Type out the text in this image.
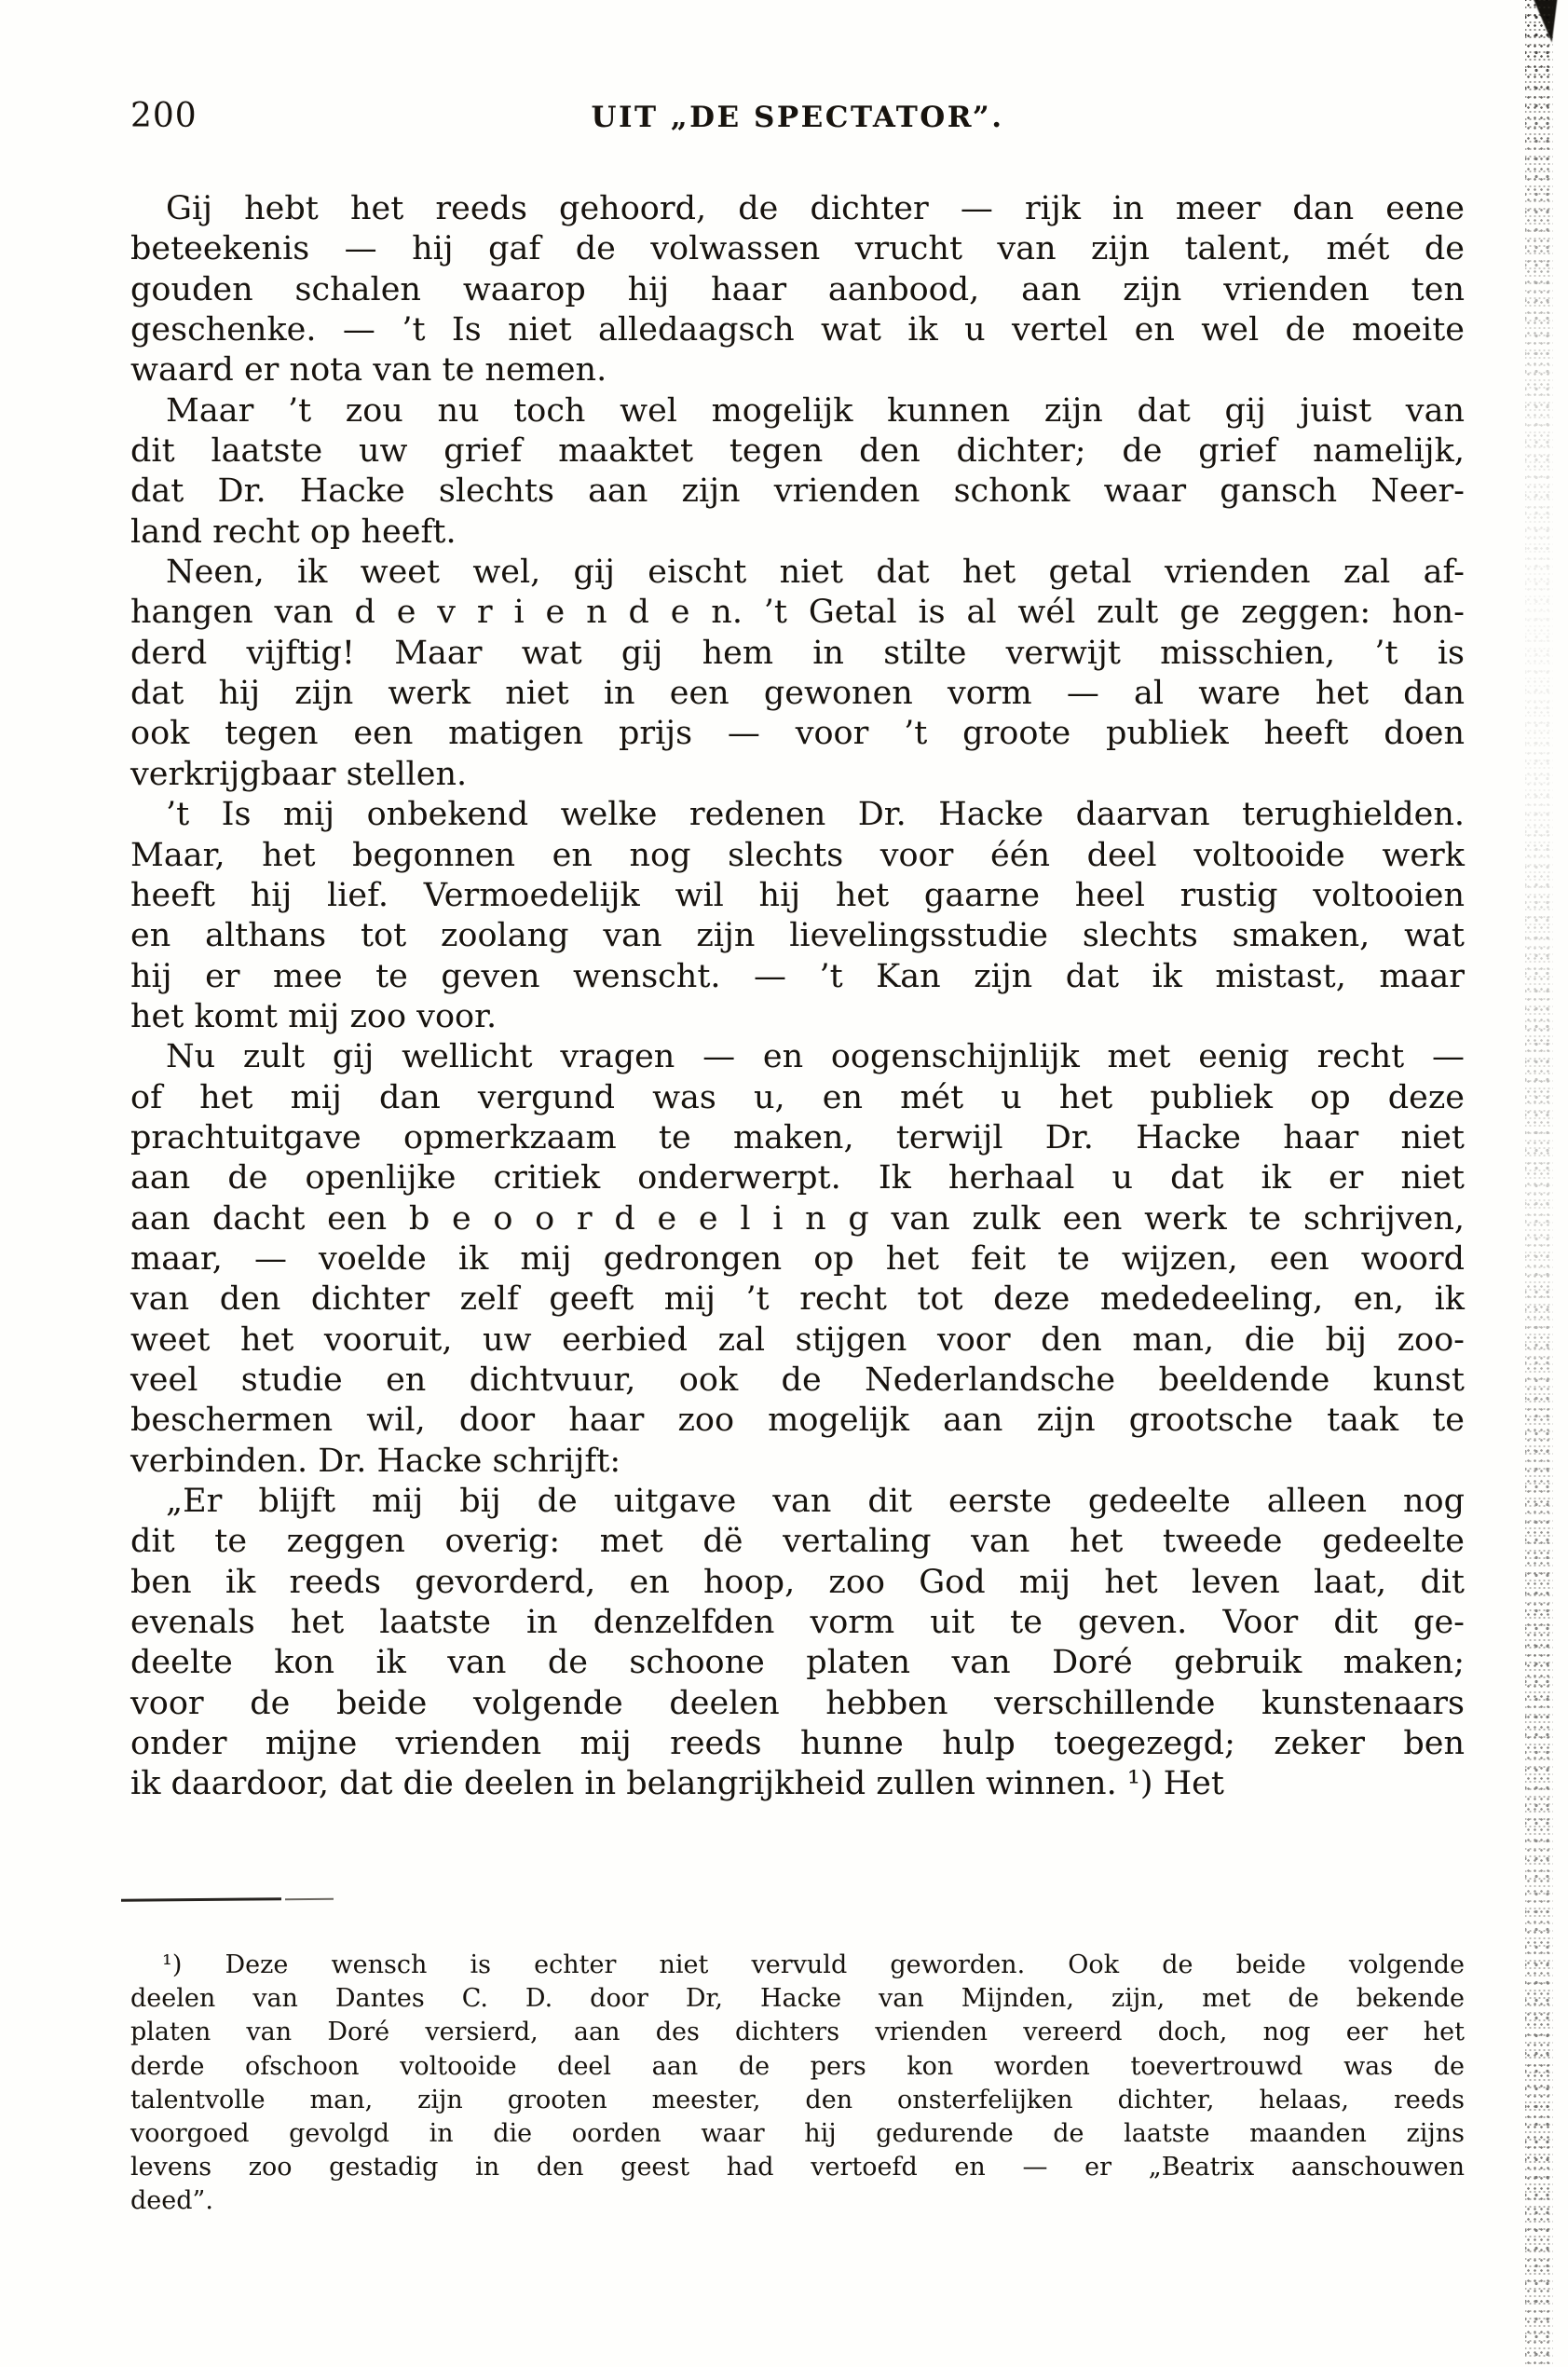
200	UIT „DE SPECTATOR”.
Gij hebt het reeds gehoord, de dichter — rijk in meer dan eene
beteekenis — hij gaf de volwassen vrucht van zijn talent, mét de
gouden schalen waarop hij haar aanbood, aan zijn vrienden ten
geschenke. — ’t Is niet alledaagsch wat ik u vertel en wel de moeite
waard er nota van te nemen.
Maar ’t zou nu toch wel mogelijk kunnen zijn dat gij juist van
dit laatste uw grief maaktet tegen den dichter; de grief namelijk,
dat Dr. Hacke slechts aan zijn vrienden schonk waar gansch Neer-
land recht op heeft.
Neen, ik weet wel, gij eischt niet dat het getal vrienden zal af-
hangen van d e v r i e n d e n. ’t Getal is al wél zult ge zeggen: hon-
derd vijftig! Maar wat gij hem in stilte verwijt misschien, ’t is
dat hij zijn werk niet in een gewonen vorm — al ware het dan
ook tegen een matigen prijs — voor ’t groote publiek heeft doen
verkrijgbaar stellen.
’t Is mij onbekend welke redenen Dr. Hacke daarvan terughielden.
Maar, het begonnen en nog slechts voor één deel voltooide werk
heeft hij lief. Vermoedelijk wil hij het gaarne heel rustig voltooien
en althans tot zoolang van zijn lievelingsstudie slechts smaken, wat
hij er mee te geven wenscht. — ’t Kan zijn dat ik mistast, maar
het komt mij zoo voor.
Nu zult gij wellicht vragen — en oogenschijnlijk met eenig recht —
of het mij dan vergund was u, en mét u het publiek op deze
prachtuitgave opmerkzaam te maken, terwijl Dr. Hacke haar niet
aan de openlijke critiek onderwerpt. Ik herhaal u dat ik er niet
aan dacht een b e o o r d e e l i n g van zulk een werk te schrijven,
maar, — voelde ik mij gedrongen op het feit te wijzen, een woord
van den dichter zelf geeft mij ’t recht tot deze mededeeling, en, ik
weet het vooruit, uw eerbied zal stijgen voor den man, die bij zoo-
veel studie en dichtvuur, ook de Nederlandsche beeldende kunst
beschermen wil, door haar zoo mogelijk aan zijn grootsche taak te
verbinden. Dr. Hacke schrijft:
„Er blijft mij bij de uitgave van dit eerste gedeelte alleen nog
dit te zeggen overig: met dë vertaling van het tweede gedeelte
ben ik reeds gevorderd, en hoop, zoo God mij het leven laat, dit
evenals het laatste in denzelfden vorm uit te geven. Voor dit ge-
deelte kon ik van de schoone platen van Doré gebruik maken;
voor de beide volgende deelen hebben verschillende kunstenaars
onder mijne vrienden mij reeds hunne hulp toegezegd; zeker ben
ik daardoor, dat die deelen in belangrijkheid zullen winnen. ¹) Het
¹) Deze wensch is echter niet vervuld geworden. Ook de beide volgende
deelen van Dantes C. D. door Dr, Hacke van Mijnden, zijn, met de bekende
platen van Doré versierd, aan des dichters vrienden vereerd doch, nog eer het
derde ofschoon voltooide deel aan de pers kon worden toevertrouwd was de
talentvolle man, zijn grooten meester, den onsterfelijken dichter, helaas, reeds
voorgoed gevolgd in die oorden waar hij gedurende de laatste maanden zijns
levens zoo gestadig in den geest had vertoefd en — er „Beatrix aanschouwen
deed”.
